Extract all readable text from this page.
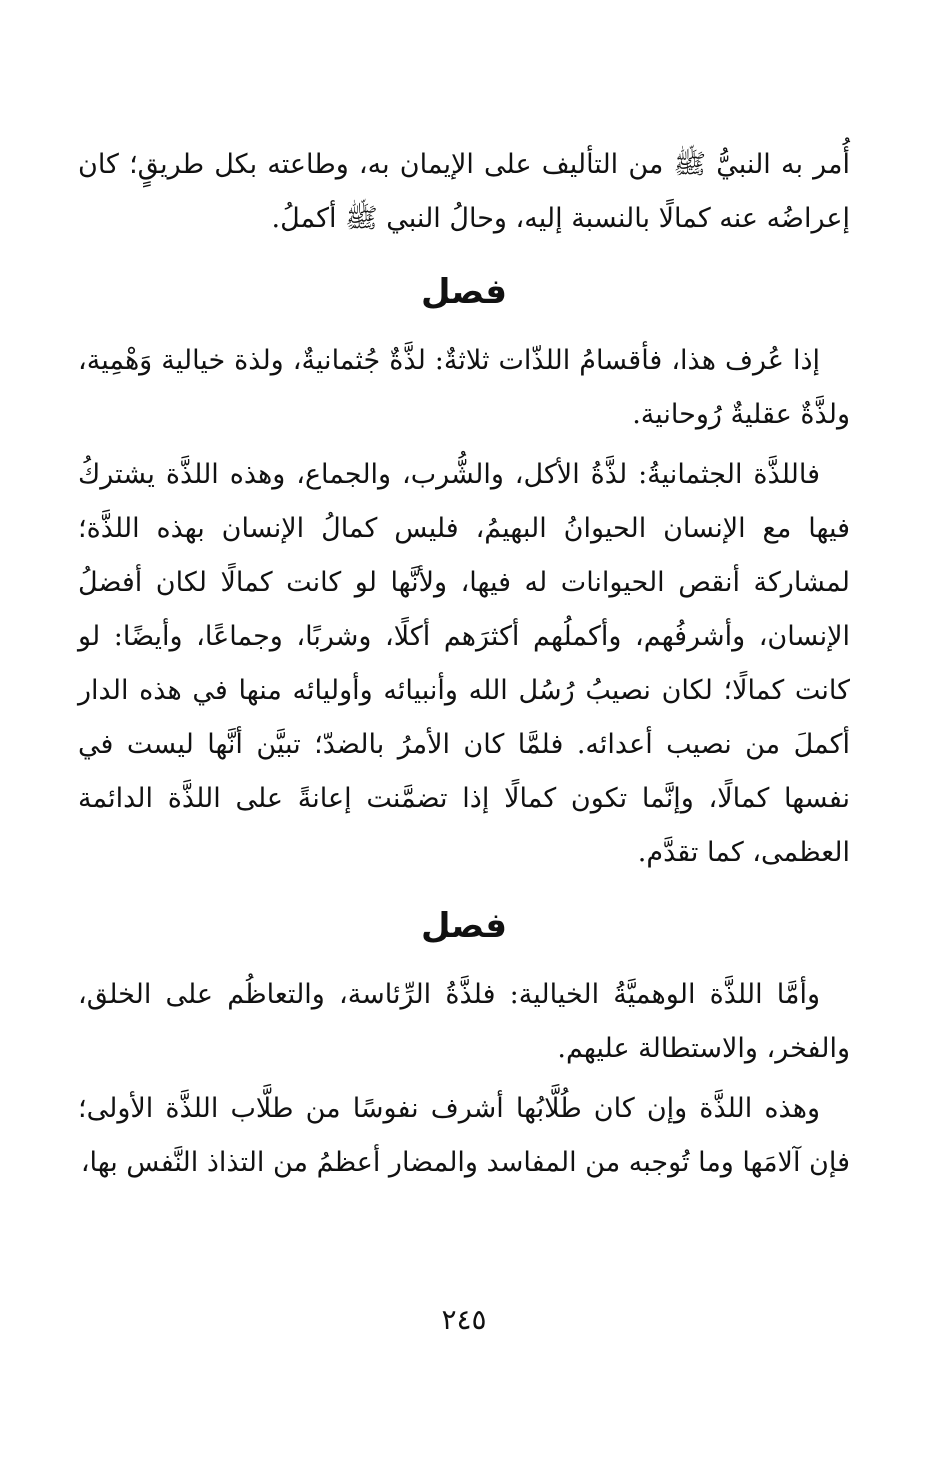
أُمر به النبيُّ ﷺ من التأليف على الإيمان به، وطاعته بكل طريقٍ؛ كان إعراضُه عنه كمالًا بالنسبة إليه، وحالُ النبي ﷺ أكملُ.

فصل

إذا عُرف هذا، فأقسامُ اللذّات ثلاثةٌ: لذَّةٌ جُثمانيةٌ، ولذة خيالية وَهْمِية، ولذَّةٌ عقليةٌ رُوحانية.

فاللذَّة الجثمانيةُ: لذَّةُ الأكل، والشُّرب، والجماع، وهذه اللذَّة يشتركُ فيها مع الإنسان الحيوانُ البهيمُ، فليس كمالُ الإنسان بهذه اللذَّة؛ لمشاركة أنقص الحيوانات له فيها، ولأنَّها لو كانت كمالًا لكان أفضلُ الإنسان، وأشرفُهم، وأكملُهم أكثرَهم أكلًا، وشربًا، وجماعًا، وأيضًا: لو كانت كمالًا؛ لكان نصيبُ رُسُل الله وأنبيائه وأوليائه منها في هذه الدار أكملَ من نصيب أعدائه. فلمَّا كان الأمرُ بالضدّ؛ تبيَّن أنَّها ليست في نفسها كمالًا، وإنَّما تكون كمالًا إذا تضمَّنت إعانةً على اللذَّة الدائمة العظمى، كما تقدَّم.

فصل

وأمَّا اللذَّة الوهميَّةُ الخيالية: فلذَّةُ الرِّئاسة، والتعاظُم على الخلق، والفخر، والاستطالة عليهم.

وهذه اللذَّة وإن كان طُلَّابُها أشرف نفوسًا من طلَّاب اللذَّة الأولى؛ فإن آلامَها وما تُوجبه من المفاسد والمضار أعظمُ من التذاذ النَّفس بها،

٢٤٥
